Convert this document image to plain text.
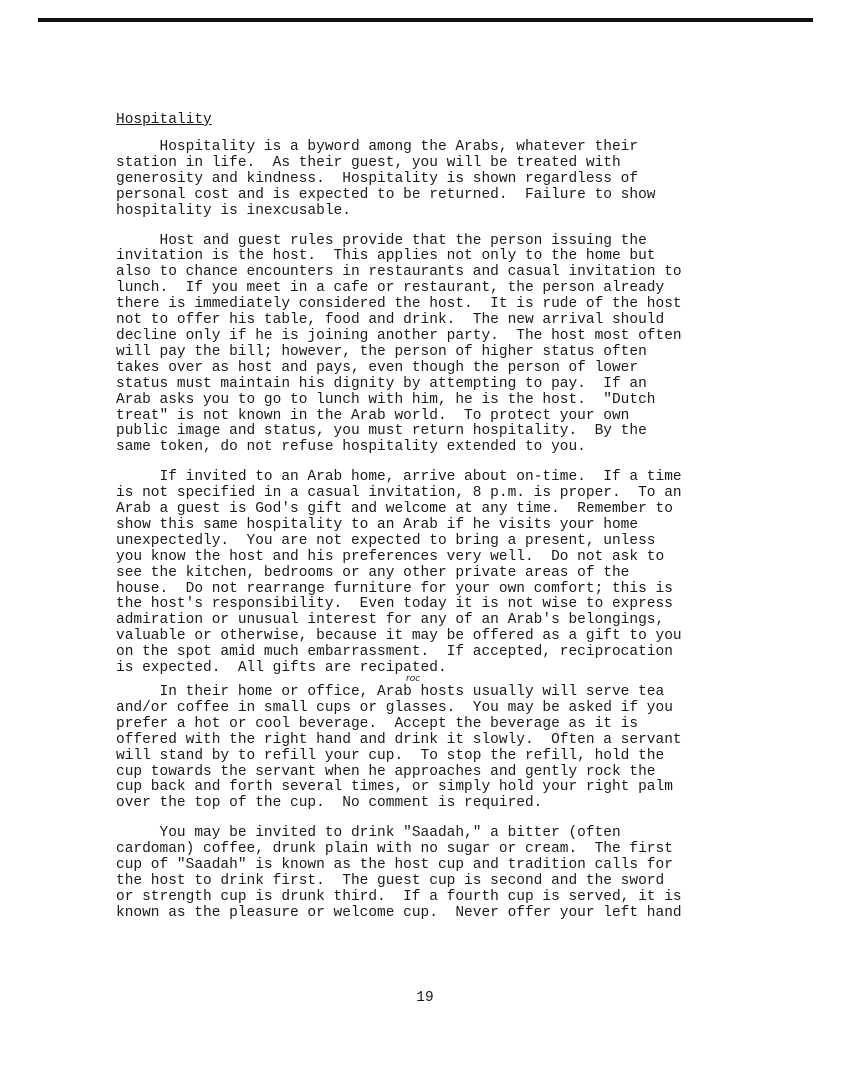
Hospitality
Hospitality is a byword among the Arabs, whatever their
station in life.  As their guest, you will be treated with
generosity and kindness.  Hospitality is shown regardless of
personal cost and is expected to be returned.  Failure to show
hospitality is inexcusable.
Host and guest rules provide that the person issuing the
invitation is the host.  This applies not only to the home but
also to chance encounters in restaurants and casual invitation to
lunch.  If you meet in a cafe or restaurant, the person already
there is immediately considered the host.  It is rude of the host
not to offer his table, food and drink.  The new arrival should
decline only if he is joining another party.  The host most often
will pay the bill; however, the person of higher status often
takes over as host and pays, even though the person of lower
status must maintain his dignity by attempting to pay.  If an
Arab asks you to go to lunch with him, he is the host.  "Dutch
treat" is not known in the Arab world.  To protect your own
public image and status, you must return hospitality.  By the
same token, do not refuse hospitality extended to you.
If invited to an Arab home, arrive about on-time.  If a time
is not specified in a casual invitation, 8 p.m. is proper.  To an
Arab a guest is God's gift and welcome at any time.  Remember to
show this same hospitality to an Arab if he visits your home
unexpectedly.  You are not expected to bring a present, unless
you know the host and his preferences very well.  Do not ask to
see the kitchen, bedrooms or any other private areas of the
house.  Do not rearrange furniture for your own comfort; this is
the host's responsibility.  Even today it is not wise to express
admiration or unusual interest for any of an Arab's belongings,
valuable or otherwise, because it may be offered as a gift to you
on the spot amid much embarrassment.  If accepted, reciprocation
is expected.  All gifts are recipated.
roc
In their home or office, Arab hosts usually will serve tea
and/or coffee in small cups or glasses.  You may be asked if you
prefer a hot or cool beverage.  Accept the beverage as it is
offered with the right hand and drink it slowly.  Often a servant
will stand by to refill your cup.  To stop the refill, hold the
cup towards the servant when he approaches and gently rock the
cup back and forth several times, or simply hold your right palm
over the top of the cup.  No comment is required.
You may be invited to drink "Saadah," a bitter (often
cardoman) coffee, drunk plain with no sugar or cream.  The first
cup of "Saadah" is known as the host cup and tradition calls for
the host to drink first.  The guest cup is second and the sword
or strength cup is drunk third.  If a fourth cup is served, it is
known as the pleasure or welcome cup.  Never offer your left hand
19
